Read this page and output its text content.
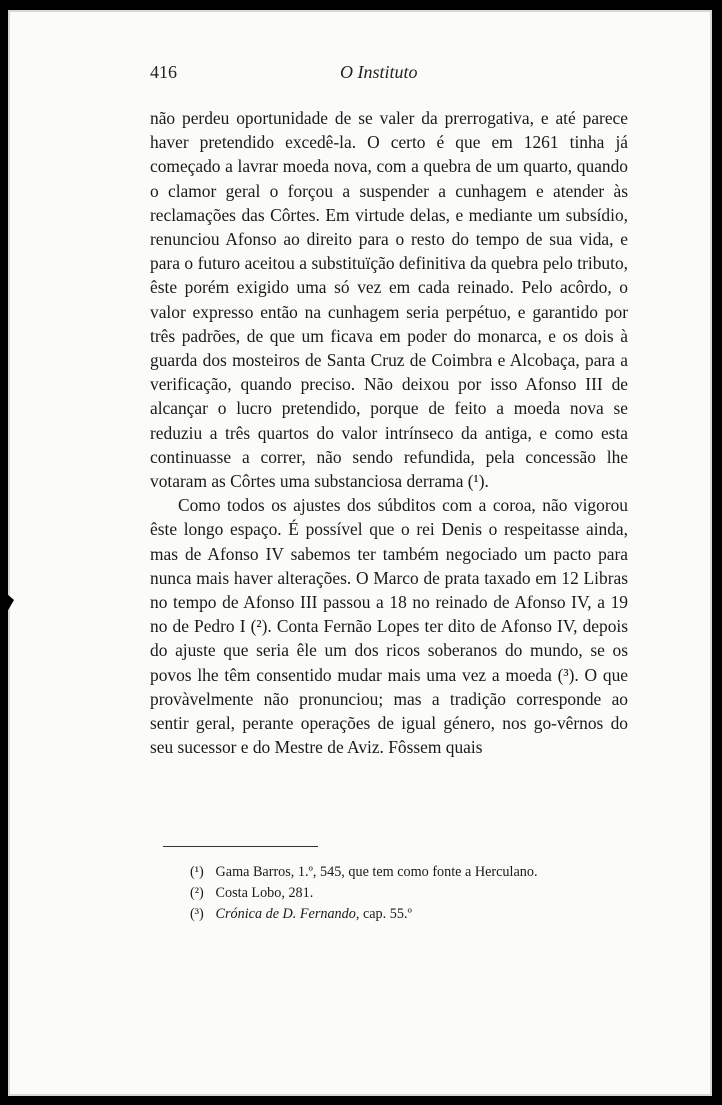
416	O Instituto

não perdeu oportunidade de se valer da prerrogativa, e até parece haver pretendido excedê-la. O certo é que em 1261 tinha já começado a lavrar moeda nova, com a quebra de um quarto, quando o clamor geral o forçou a suspender a cunhagem e atender às reclamações das Côrtes. Em virtude delas, e mediante um subsídio, renunciou Afonso ao direito para o resto do tempo de sua vida, e para o futuro aceitou a substituïção definitiva da quebra pelo tributo, êste porém exigido uma só vez em cada reinado. Pelo acôrdo, o valor expresso então na cunhagem seria perpétuo, e garantido por três padrões, de que um ficava em poder do monarca, e os dois à guarda dos mosteiros de Santa Cruz de Coimbra e Alcobaça, para a verificação, quando preciso. Não deixou por isso Afonso III de alcançar o lucro pretendido, porque de feito a moeda nova se reduziu a três quartos do valor intrínseco da antiga, e como esta continuasse a correr, não sendo refundida, pela concessão lhe votaram as Côrtes uma substanciosa derrama (¹).

Como todos os ajustes dos súbditos com a coroa, não vigorou êste longo espaço. É possível que o rei Denis o respeitasse ainda, mas de Afonso IV sabemos ter também negociado um pacto para nunca mais haver alterações. O Marco de prata taxado em 12 Libras no tempo de Afonso III passou a 18 no reinado de Afonso IV, a 19 no de Pedro I (²). Conta Fernão Lopes ter dito de Afonso IV, depois do ajuste que seria êle um dos ricos soberanos do mundo, se os povos lhe têm consentido mudar mais uma vez a moeda (³). O que provàvelmente não pronunciou; mas a tradição corresponde ao sentir geral, perante operações de igual género, nos go-vêrnos do seu sucessor e do Mestre de Aviz. Fôssem quais

(¹) Gama Barros, 1.º, 545, que tem como fonte a Herculano.
(²) Costa Lobo, 281.
(³) Crónica de D. Fernando, cap. 55.º
